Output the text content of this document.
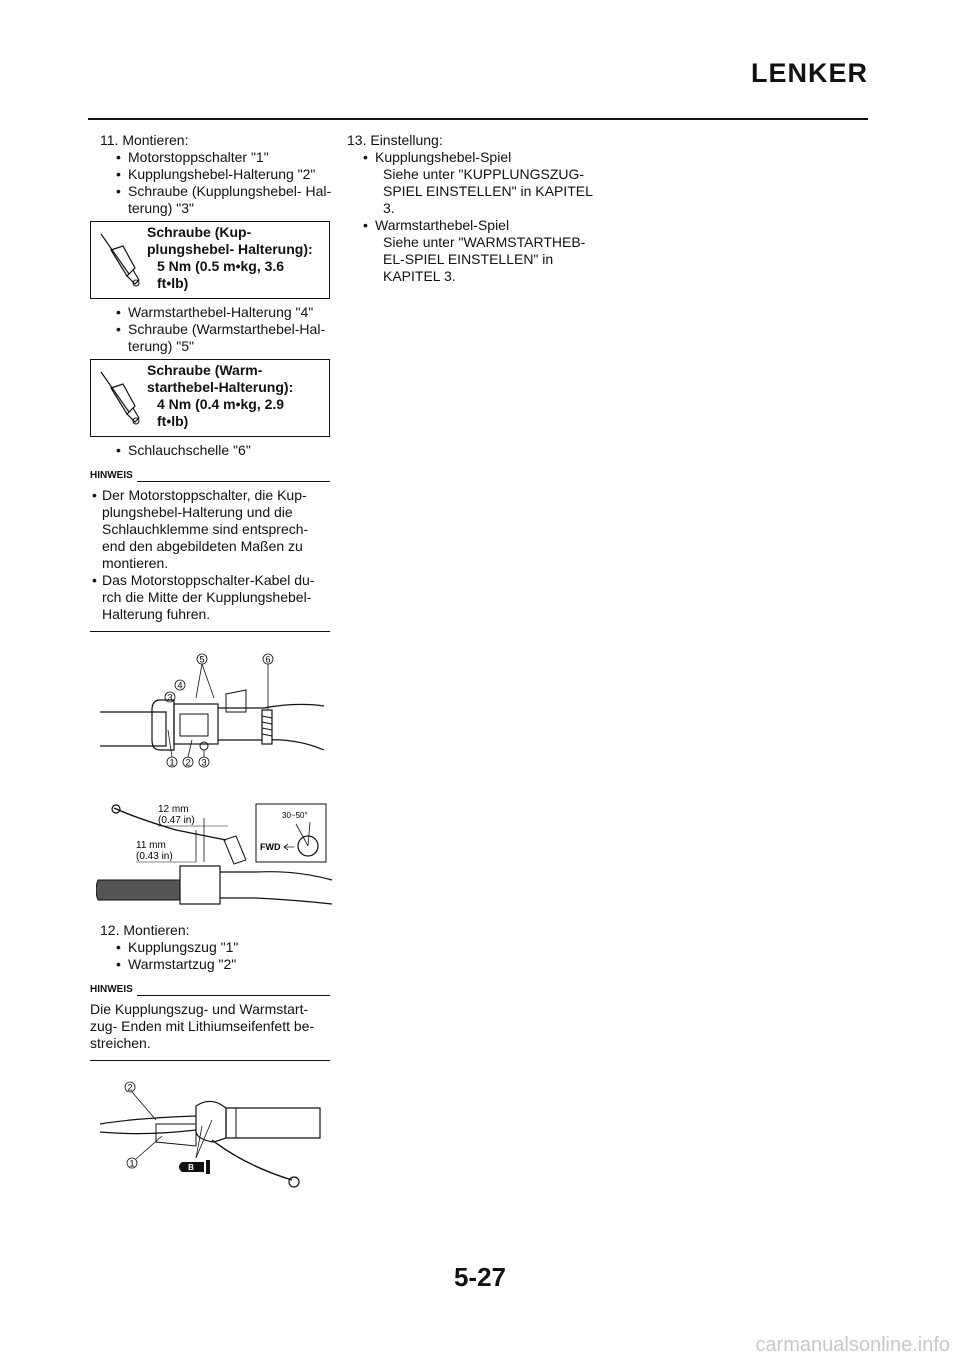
LENKER
11. Montieren:
• Motorstoppschalter "1"
• Kupplungshebel-Halterung "2"
• Schraube (Kupplungshebel- Hal-
terung) "3"
Schraube (Kup-
plungshebel- Halterung):
5 Nm (0.5 m•kg, 3.6
ft•lb)
• Warmstarthebel-Halterung "4"
• Schraube (Warmstarthebel-Hal-
terung) "5"
Schraube (Warm-
starthebel-Halterung):
4 Nm (0.4 m•kg, 2.9
ft•lb)
• Schlauchschelle "6"
HINWEIS
• Der Motorstoppschalter, die Kup-
plungshebel-Halterung und die
Schlauchklemme sind entsprech-
end den abgebildeten Maßen zu
montieren.
• Das Motorstoppschalter-Kabel du-
rch die Mitte der Kupplungshebel-
Halterung fuhren.
5	6
4
3
1 2 3
12 mm
(0.47 in)
11 mm
(0.43 in)
30~50°
FWD
12. Montieren:
• Kupplungszug "1"
• Warmstartzug "2"
HINWEIS
Die Kupplungszug- und Warmstart-
zug- Enden mit Lithiumseifenfett be-
streichen.
2
1	B
13. Einstellung:
• Kupplungshebel-Spiel
Siehe unter "KUPPLUNGSZUG-
SPIEL EINSTELLEN" in KAPITEL
3.
• Warmstarthebel-Spiel
Siehe unter "WARMSTARTHEB-
EL-SPIEL EINSTELLEN" in
KAPITEL 3.
5-27
carmanualsonline.info
